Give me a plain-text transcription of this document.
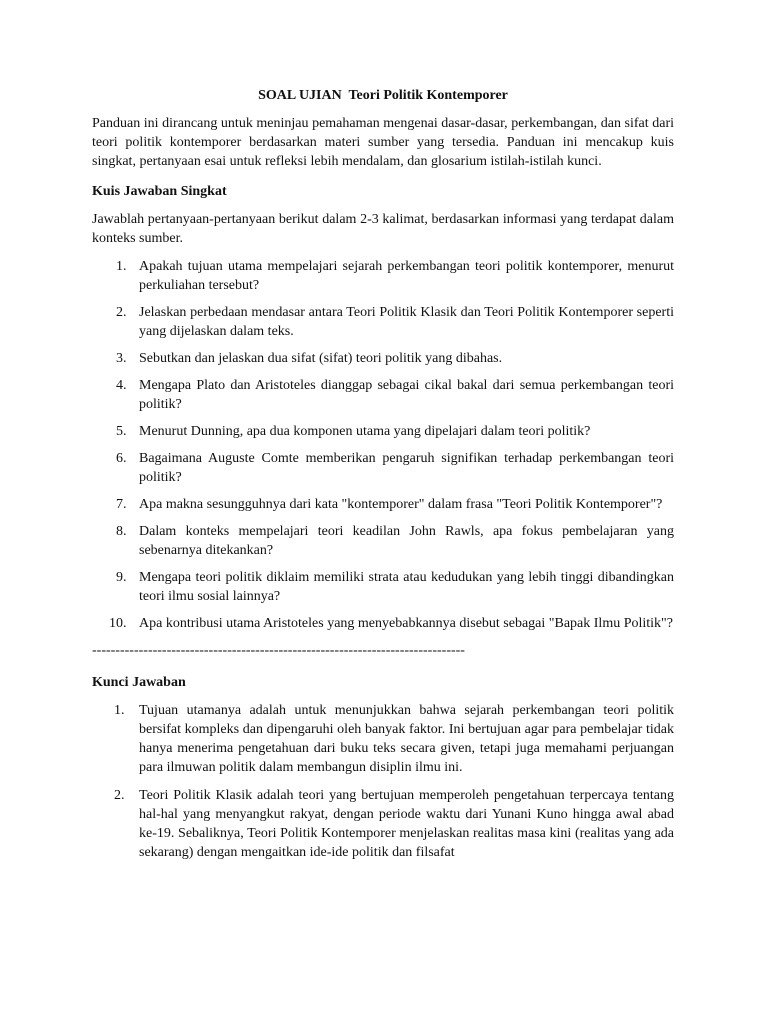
SOAL UJIAN  Teori Politik Kontemporer

Panduan ini dirancang untuk meninjau pemahaman mengenai dasar-dasar, perkembangan, dan sifat dari teori politik kontemporer berdasarkan materi sumber yang tersedia. Panduan ini mencakup kuis singkat, pertanyaan esai untuk refleksi lebih mendalam, dan glosarium istilah-istilah kunci.

Kuis Jawaban Singkat

Jawablah pertanyaan-pertanyaan berikut dalam 2-3 kalimat, berdasarkan informasi yang terdapat dalam konteks sumber.

1. Apakah tujuan utama mempelajari sejarah perkembangan teori politik kontemporer, menurut perkuliahan tersebut?
2. Jelaskan perbedaan mendasar antara Teori Politik Klasik dan Teori Politik Kontemporer seperti yang dijelaskan dalam teks.
3. Sebutkan dan jelaskan dua sifat (sifat) teori politik yang dibahas.
4. Mengapa Plato dan Aristoteles dianggap sebagai cikal bakal dari semua perkembangan teori politik?
5. Menurut Dunning, apa dua komponen utama yang dipelajari dalam teori politik?
6. Bagaimana Auguste Comte memberikan pengaruh signifikan terhadap perkembangan teori politik?
7. Apa makna sesungguhnya dari kata "kontemporer" dalam frasa "Teori Politik Kontemporer"?
8. Dalam konteks mempelajari teori keadilan John Rawls, apa fokus pembelajaran yang sebenarnya ditekankan?
9. Mengapa teori politik diklaim memiliki strata atau kedudukan yang lebih tinggi dibandingkan teori ilmu sosial lainnya?
10. Apa kontribusi utama Aristoteles yang menyebabkannya disebut sebagai "Bapak Ilmu Politik"?
--------------------------------------------------------------------------------
Kunci Jawaban
1.	Tujuan utamanya adalah untuk menunjukkan bahwa sejarah perkembangan teori politik bersifat kompleks dan dipengaruhi oleh banyak faktor. Ini bertujuan agar para pembelajar tidak hanya menerima pengetahuan dari buku teks secara given, tetapi juga memahami perjuangan para ilmuwan politik dalam membangun disiplin ilmu ini.
2.	Teori Politik Klasik adalah teori yang bertujuan memperoleh pengetahuan terpercaya tentang hal-hal yang menyangkut rakyat, dengan periode waktu dari Yunani Kuno hingga awal abad ke-19. Sebaliknya, Teori Politik Kontemporer menjelaskan realitas masa kini (realitas yang ada sekarang) dengan mengaitkan ide-ide politik dan filsafat
